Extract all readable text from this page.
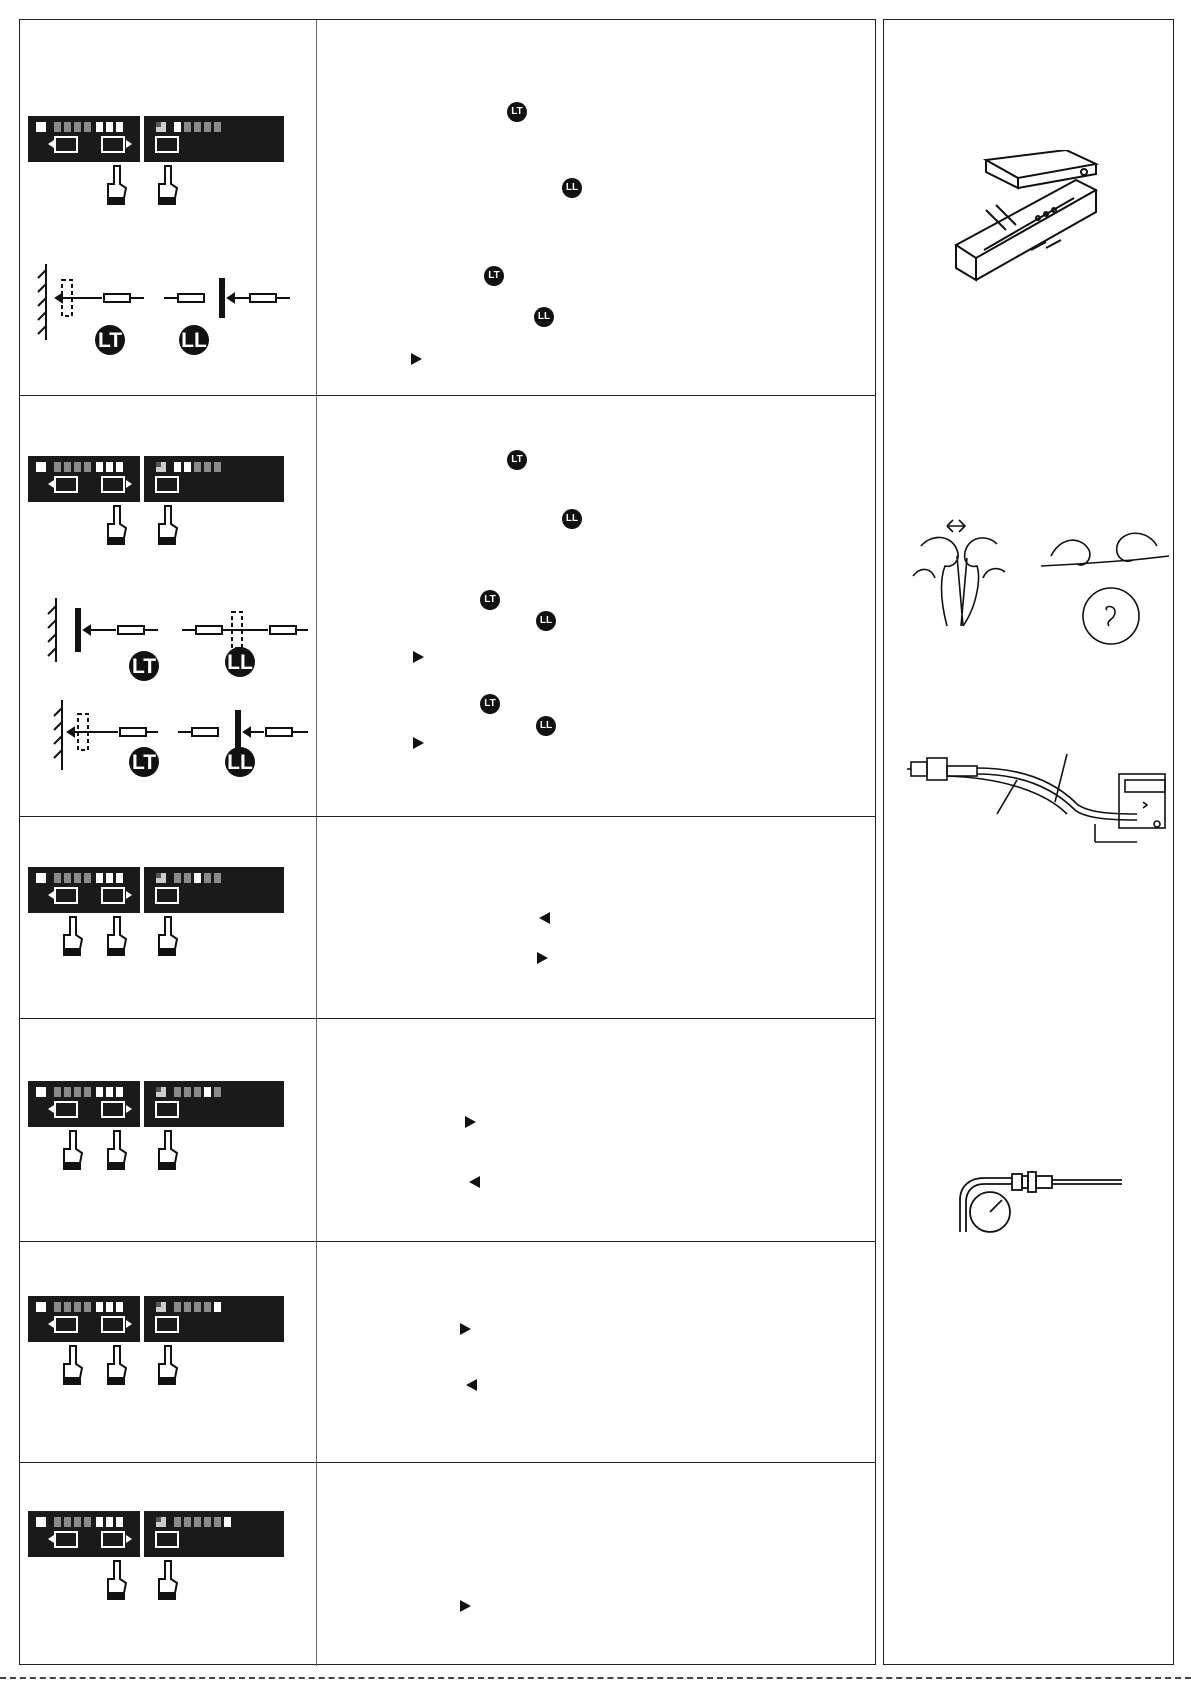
LT	LL
LT
LL
LT
LL
LT	LL
LT	LL
LT
LL
LT
LL
LT
LL
